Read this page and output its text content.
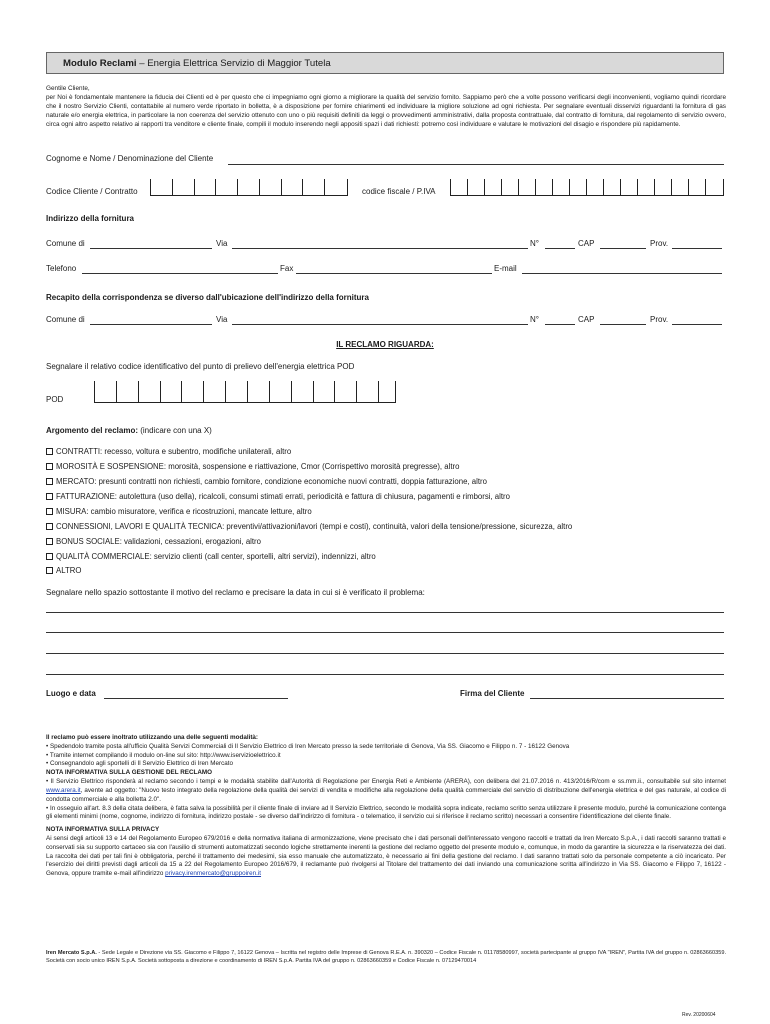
Modulo Reclami – Energia Elettrica Servizio di Maggior Tutela
Gentile Cliente,
per Noi è fondamentale mantenere la fiducia dei Clienti ed è per questo che ci impegniamo ogni giorno a migliorare la qualità del servizio fornito. Sappiamo però che a volte possono verificarsi degli inconvenienti, vogliamo quindi ricordare che il nostro Servizio Clienti, contattabile al numero verde riportato in bolletta, è a disposizione per fornire chiarimenti ed individuare la migliore soluzione ad ogni richiesta. Per segnalare eventuali disservizi riguardanti la fornitura di gas naturale e/o energia elettrica, in particolare la non coerenza del servizio ottenuto con uno o più requisiti definiti da leggi o provvedimenti amministrativi, dalla proposta contrattuale, dal contratto di fornitura, dal regolamento di servizio ovvero, circa ogni altro aspetto relativo ai rapporti tra venditore e cliente finale, compili il modulo inserendo negli appositi spazi i dati richiesti: potremo così individuare e valutare le motivazioni del disagio e rispondere più rapidamente.
Cognome e Nome / Denominazione del Cliente
Codice Cliente / Contratto	codice fiscale / P.IVA
Indirizzo della fornitura
Comune di	Via	N°	CAP	Prov.
Telefono	Fax	E-mail
Recapito della corrispondenza se diverso dall'ubicazione dell'indirizzo della fornitura
Comune di	Via	N°	CAP	Prov.
IL RECLAMO RIGUARDA:
Segnalare il relativo codice identificativo del punto di prelievo dell'energia elettrica POD
POD
Argomento del reclamo: (indicare con una X)
CONTRATTI: recesso, voltura e subentro, modifiche unilaterali, altro
MOROSITÀ E SOSPENSIONE: morosità, sospensione e riattivazione, Cmor (Corrispettivo morosità pregresse), altro
MERCATO: presunti contratti non richiesti, cambio fornitore, condizione economiche nuovi contratti, doppia fatturazione, altro
FATTURAZIONE: autolettura (uso della), ricalcoli, consumi stimati errati, periodicità e fattura di chiusura, pagamenti e rimborsi, altro
MISURA: cambio misuratore, verifica e ricostruzioni, mancate letture, altro
CONNESSIONI, LAVORI E QUALITÀ TECNICA: preventivi/attivazioni/lavori (tempi e costi), continuità, valori della tensione/pressione, sicurezza, altro
BONUS SOCIALE: validazioni, cessazioni, erogazioni, altro
QUALITÀ COMMERCIALE: servizio clienti (call center, sportelli, altri servizi), indennizzi, altro
ALTRO
Segnalare nello spazio sottostante il motivo del reclamo e precisare la data in cui si è verificato il problema:
Luogo e data	Firma del Cliente

Il reclamo può essere inoltrato utilizzando una delle seguenti modalità:

• Spedendolo tramite posta all'ufficio Qualità Servizi Commerciali di Il Servizio Elettrico di Iren Mercato presso la sede territoriale di Genova, Via SS. Giacomo e Filippo n. 7 - 16122 Genova

• Tramite internet compilando il modulo on-line sul sito: http://www.iservizioelettrico.it

• Consegnandolo agli sportelli di Il Servizio Elettrico di Iren Mercato

NOTA INFORMATIVA SULLA GESTIONE DEL RECLAMO

• Il Servizio Elettrico risponderà al reclamo secondo i tempi e le modalità stabilite dall'Autorità di Regolazione per Energia Reti e Ambiente (ARERA), con delibera del 21.07.2016 n. 413/2016/R/com e ss.mm.ii., consultabile sul sito internet www.arera.it, avente ad oggetto: "Nuovo testo integrato della regolazione della qualità dei servizi di vendita e modifiche alla regolazione della qualità commerciale del servizio di distribuzione dell'energia elettrica e del gas naturale, al codice di condotta commerciale e alla bolletta 2.0".

• In osseguio all'art. 8.3 della citata delibera, è fatta salva la possibilità per il cliente finale di inviare ad Il Servizio Elettrico, secondo le modalità sopra indicate, reclamo scritto senza utilizzare il presente modulo, purché la comunicazione contenga gli elementi minimi (nome, cognome, indirizzo di fornitura, indirizzo postale - se diverso dall'indirizzo di fornitura - o telematico, il servizio cui si riferisce il reclamo scritto) necessari a consentire l'identificazione del cliente finale.

NOTA INFORMATIVA SULLA PRIVACY

Ai sensi degli articoli 13 e 14 del Regolamento Europeo 679/2016 e della normativa italiana di armonizzazione, viene precisato che i dati personali dell'interessato vengono raccolti e trattati da Iren Mercato S.p.A., i dati raccolti saranno trattati e conservati sia su supporto cartaceo sia con l'ausilio di strumenti automatizzati secondo logiche strettamente inerenti la gestione del reclamo oggetto del presente modulo e, comunque, in modo da garantire la sicurezza e la riservatezza dei dati. La raccolta dei dati per tali fini è obbligatoria, perché il trattamento dei medesimi, sia esso manuale che automatizzato, è necessario ai fini della gestione del reclamo. I dati saranno trattati solo da personale competente a ciò incaricato. Per l'esercizio dei diritti previsti dagli articoli da 15 a 22 del Regolamento Europeo 2016/679, il reclamante può rivolgersi al Titolare del trattamento dei dati inviando una comunicazione scritta all'indirizzo in Via SS. Giacomo e Filippo 7, 16122 - Genova, oppure tramite e-mail all'indirizzo privacy.irenmercato@gruppoiren.it

Iren Mercato S.p.A. - Sede Legale e Direzione via SS. Giacomo e Filippo 7, 16122 Genova – Iscritta nel registro delle Imprese di Genova R.E.A. n. 390320 – Codice Fiscale n. 01178580997, società partecipante al gruppo IVA "IREN", Partita IVA del gruppo n. 02863660359. Società con socio unico IREN S.p.A. Società sottoposta a direzione e coordinamento di IREN S.p.A. Partita IVA del gruppo n. 02863660359 e Codice Fiscale n. 07129470014
Rev. 20200604
